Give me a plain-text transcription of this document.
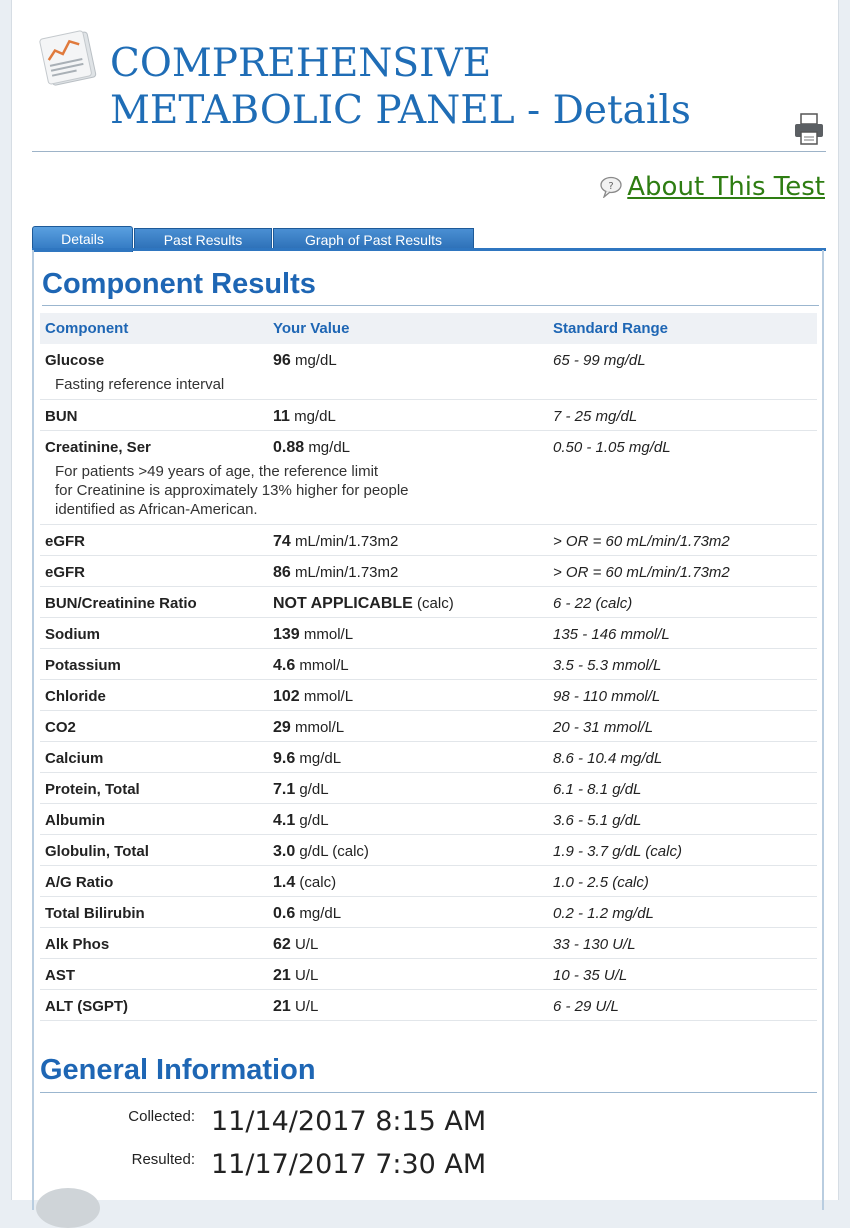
COMPREHENSIVE METABOLIC PANEL - Details
? About This Test
Details	Past Results	Graph of Past Results
Component Results
Component	Your Value	Standard Range
Glucose	96 mg/dL	65 - 99 mg/dL
Fasting reference interval		
BUN	11 mg/dL	7 - 25 mg/dL
Creatinine, Ser	0.88 mg/dL	0.50 - 1.05 mg/dL
For patients >49 years of age, the reference limit
for Creatinine is approximately 13% higher for people
identified as African-American.		
eGFR	74 mL/min/1.73m2	> OR = 60 mL/min/1.73m2
eGFR	86 mL/min/1.73m2	> OR = 60 mL/min/1.73m2
BUN/Creatinine Ratio	NOT APPLICABLE (calc)	6 - 22 (calc)
Sodium	139 mmol/L	135 - 146 mmol/L
Potassium	4.6 mmol/L	3.5 - 5.3 mmol/L
Chloride	102 mmol/L	98 - 110 mmol/L
CO2	29 mmol/L	20 - 31 mmol/L
Calcium	9.6 mg/dL	8.6 - 10.4 mg/dL
Protein, Total	7.1 g/dL	6.1 - 8.1 g/dL
Albumin	4.1 g/dL	3.6 - 5.1 g/dL
Globulin, Total	3.0 g/dL (calc)	1.9 - 3.7 g/dL (calc)
A/G Ratio	1.4 (calc)	1.0 - 2.5 (calc)
Total Bilirubin	0.6 mg/dL	0.2 - 1.2 mg/dL
Alk Phos	62 U/L	33 - 130 U/L
AST	21 U/L	10 - 35 U/L
ALT (SGPT)	21 U/L	6 - 29 U/L
General Information
Collected: 11/14/2017 8:15 AM
Resulted: 11/17/2017 7:30 AM
